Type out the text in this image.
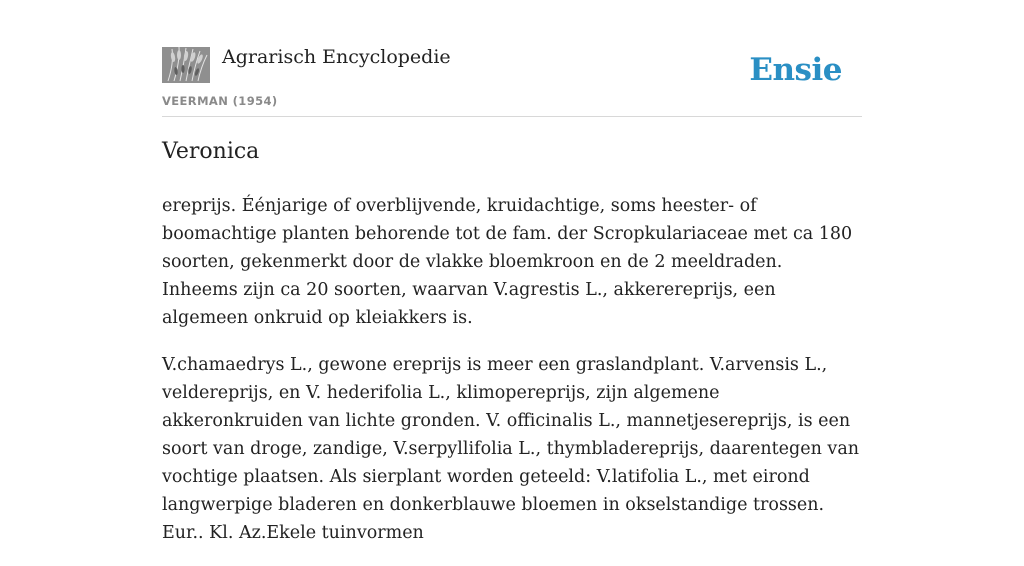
Agrarisch Encyclopedie
VEERMAN (1954)
Ensie
Veronica

ereprijs. Éénjarige of overblijvende, kruidachtige, soms heester- of boomachtige planten behorende tot de fam. der Scropkulariaceae met ca 180 soorten, gekenmerkt door de vlakke bloemkroon en de 2 meeldraden. Inheems zijn ca 20 soorten, waarvan V.agrestis L., akkerereprijs, een algemeen onkruid op kleiakkers is.

V.chamaedrys L., gewone ereprijs is meer een graslandplant. V.arvensis L., veldereprijs, en V. hederifolia L., klimopereprijs, zijn algemene akkeronkruiden van lichte gronden. V. officinalis L., mannetjesereprijs, is een soort van droge, zandige, V.serpyllifolia L., thymbladereprijs, daarentegen van vochtige plaatsen. Als sierplant worden geteeld: V.latifolia L., met eirond langwerpige bladeren en donkerblauwe bloemen in okselstandige trossen. Eur.. Kl. Az.Ekele tuinvormen
